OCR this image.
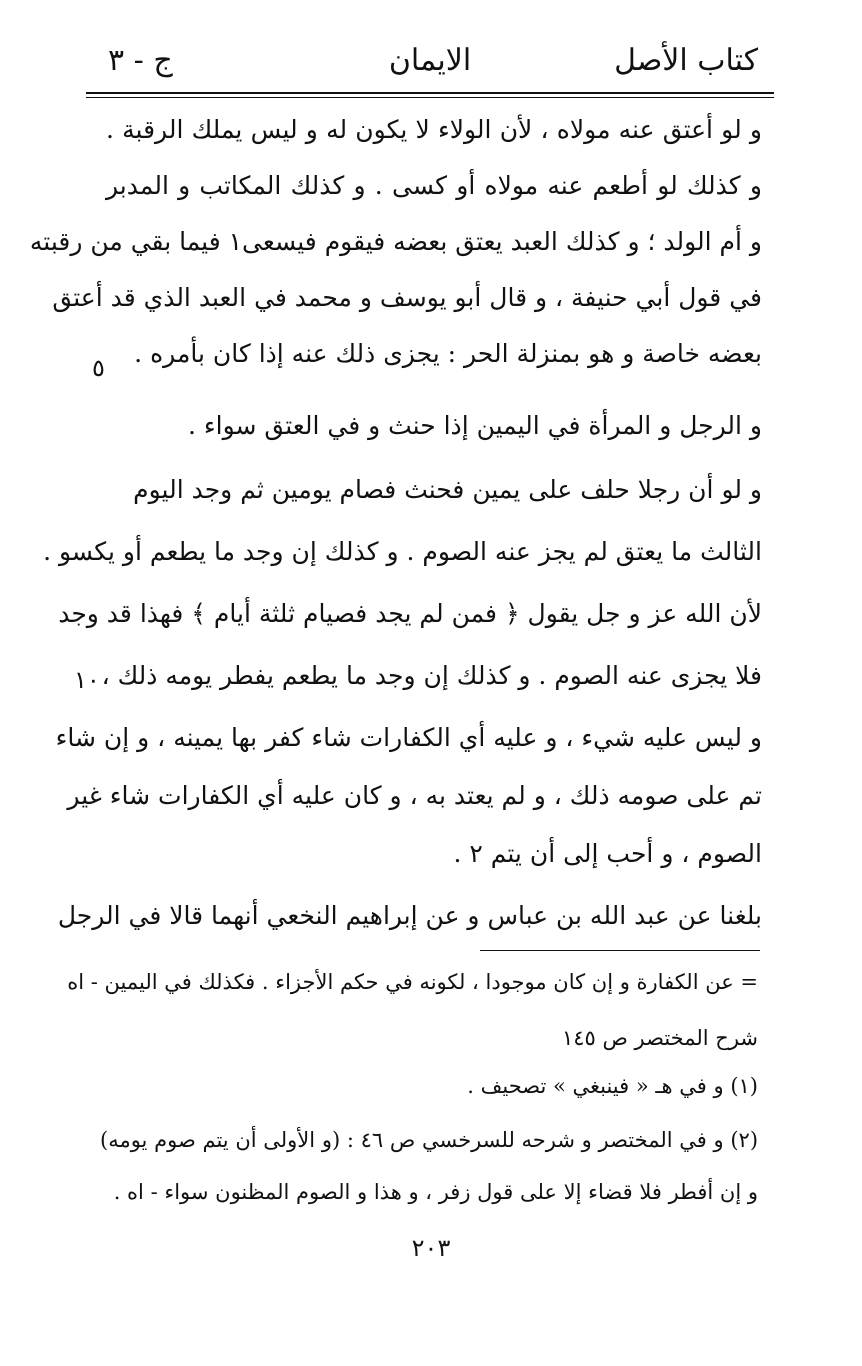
كتاب الأصل
الايمان
ج - ٣
و لو أعتق عنه مولاه ، لأن الولاء لا يكون له و ليس يملك الرقبة .
و كذلك لو أطعم عنه مولاه أو كسى . و كذلك المكاتب و المدبر
و أم الولد ؛ و كذلك العبد يعتق بعضه فيقوم فيسعى١ فيما بقي من رقبته
في قول أبي حنيفة ، و قال أبو يوسف و محمد في العبد الذي قد أعتق
بعضه خاصة و هو بمنزلة الحر : يجزى ذلك عنه إذا كان بأمره .
و الرجل و المرأة في اليمين إذا حنث و في العتق سواء .
و لو أن رجلا حلف على يمين فحنث فصام يومين ثم وجد اليوم
الثالث ما يعتق لم يجز عنه الصوم . و كذلك إن وجد ما يطعم أو يكسو .
لأن الله عز و جل يقول ﴿ فمن لم يجد فصيام ثلثة أيام ﴾ فهذا قد وجد
فلا يجزى عنه الصوم . و كذلك إن وجد ما يطعم يفطر يومه ذلك ،
و ليس عليه شيء ، و عليه أي الكفارات شاء كفر بها يمينه ، و إن شاء
تم على صومه ذلك ، و لم يعتد به ، و كان عليه أي الكفارات شاء غير
الصوم ، و أحب إلى أن يتم ٢ .
بلغنا عن عبد الله بن عباس و عن إبراهيم النخعي أنهما قالا في الرجل
٥
١٠
= عن الكفارة و إن كان موجودا ، لكونه في حكم الأجزاء . فكذلك في اليمين - اه
شرح المختصر ص ١٤٥
(١) و في هـ « فينبغي » تصحيف .
(٢) و في المختصر و شرحه للسرخسي ص ٤٦ : (و الأولى أن يتم صوم يومه)
و إن أفطر فلا قضاء إلا على قول زفر ، و هذا و الصوم المظنون سواء - اه .
٢٠٣
